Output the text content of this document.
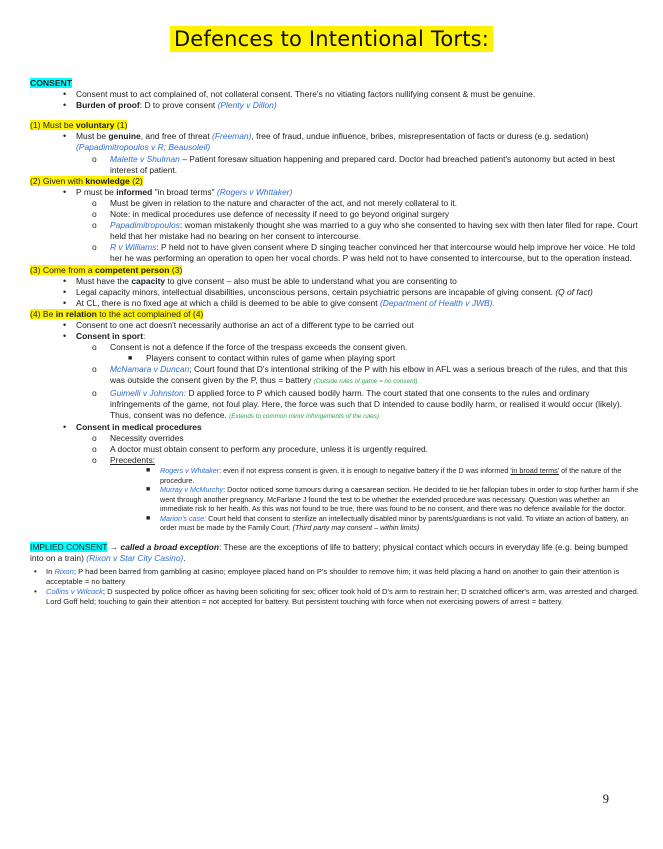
Defences to Intentional Torts:
CONSENT
• Consent must to act complained of, not collateral consent. There's no vitiating factors nullifying consent & must be genuine.
• Burden of proof: D to prove consent (Plenty v Dillon)
(1) Must be voluntary (1)
• Must be genuine, and free of threat (Freeman), free of fraud, undue influence, bribes, misrepresentation of facts or duress (e.g. sedation) (Papadimitropoulos v R; Beausoleil)
o Malette v Shulman – Patient foresaw situation happening and prepared card. Doctor had breached patient's autonomy but acted in best interest of patient.
(2) Given with knowledge (2)
• P must be informed "in broad terms" (Rogers v Whttaker)
o Must be given in relation to the nature and character of the act, and not merely collateral to it.
o Note: in medical procedures use defence of necessity if need to go beyond original surgery
o Papadimitropoulos: woman mistakenly thought she was married to a guy who she consented to having sex with then later filed for rape. Court held that her mistake had no bearing on her consent to intercourse.
o R v Williams: P held not to have given consent where D singing teacher convinced her that intercourse would help improve her voice. He told her he was performing an operation to open her vocal chords. P was held not to have consented to intercourse, but to the operation instead.
(3) Come from a competent person (3)
• Must have the capacity to give consent – also must be able to understand what you are consenting to
• Legal capacity minors, intellectual disabilities, unconscious persons, certain psychiatric persons are incapable of giving consent. (Q of fact)
• At CL, there is no fixed age at which a child is deemed to be able to give consent (Department of Health v JWB).
(4) Be in relation to the act complained of (4)
• Consent to one act doesn't necessarily authorise an act of a different type to be carried out
• Consent in sport:
o Consent is not a defence if the force of the trespass exceeds the consent given.
■ Players consent to contact within rules of game when playing sport
o McNamara v Duncan; Court found that D's intentional striking of the P with his elbow in AFL was a serious breach of the rules, and that this was outside the consent given by the P, thus = battery (Outside rules of game = no consent)
o Guimelli v Johnston: D applied force to P which caused bodily harm. The court stated that one consents to the rules and ordinary infringements of the game, not foul play. Here, the force was such that D intended to cause bodily harm, or realised it would occur (likely). Thus, consent was no defence. (Extends to common minor infringements of the rules)
• Consent in medical procedures
o Necessity overrides
o A doctor must obtain consent to perform any procedure, unless it is urgently required.
o Precedents:
■ Rogers v Whitaker: even if not express consent is given, it is enough to negative battery if the D was informed 'in broad terms' of the nature of the procedure.
■ Murray v McMurchy: Doctor noticed some tumours during a caesarean section. He decided to tie her fallopian tubes in order to stop further harm if she went through another pregnancy. McFarlane J found the test to be whether the extended procedure was necessary. Question was whether an immediate risk to her health. As this was not found to be true, there was found to be no consent, and there was no defence available for the doctor.
■ Marion's case: Court held that consent to sterilize an intellectually disabled minor by parents/guardians is not valid. To vitiate an action of battery, an order must be made by the Family Court. (Third party may consent – within limits)
IMPLIED CONSENT → called a broad exception: These are the exceptions of life to battery; physical contact which occurs in everyday life (e.g. being bumped into on a train) (Rixon v Star City Casino).
• In Rixon; P had been barred from gambling at casino; employee placed hand on P's shoulder to remove him; it was held placing a hand on another to gain their attention is acceptable = no battery
• Collins v Wilcock; D suspected by police officer as having been soliciting for sex; officer took hold of D's arm to restrain her; D scratched officer's arm, was arrested and charged. Lord Goff held; touching to gain their attention = not accepted for battery. But persistent touching with force when not exercising powers of arrest = battery.
9
